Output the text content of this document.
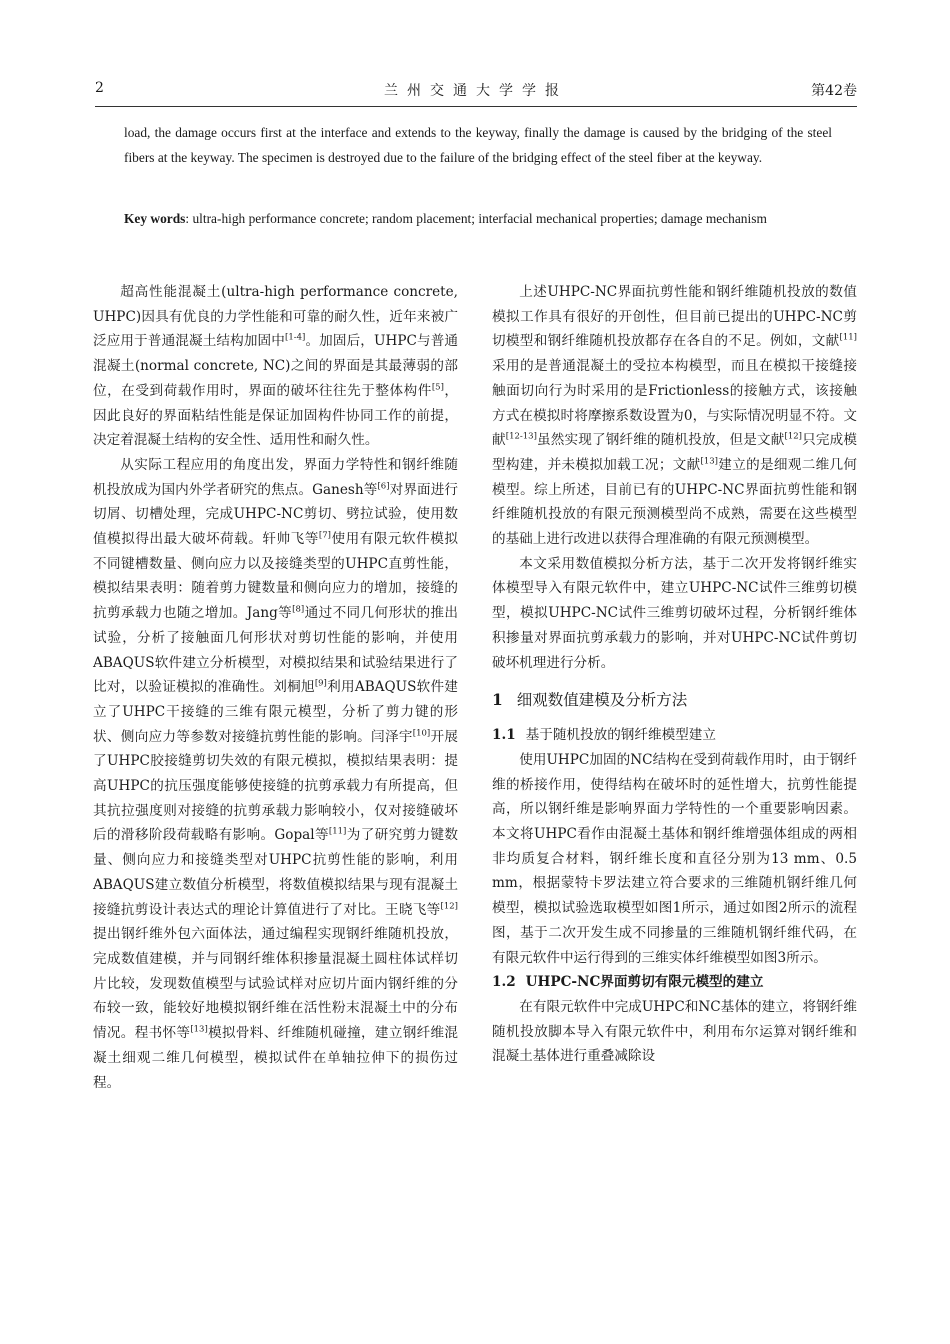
2	兰州交通大学学报	第42卷
load, the damage occurs first at the interface and extends to the keyway, finally the damage is caused by the bridging of the steel fibers at the keyway. The specimen is destroyed due to the failure of the bridging effect of the steel fiber at the keyway.
Key words: ultra-high performance concrete; random placement; interfacial mechanical properties; damage mechanism

超高性能混凝土(ultra-high performance concrete, UHPC)因具有优良的力学性能和可靠的耐久性，近年来被广泛应用于普通混凝土结构加固中[1-4]。加固后，UHPC与普通混凝土(normal concrete, NC)之间的界面是其最薄弱的部位，在受到荷载作用时，界面的破坏往往先于整体构件[5]，因此良好的界面粘结性能是保证加固构件协同工作的前提，决定着混凝土结构的安全性、适用性和耐久性。

从实际工程应用的角度出发，界面力学特性和钢纤维随机投放成为国内外学者研究的焦点。Ganesh等[6]对界面进行切屑、切槽处理，完成UHPC-NC剪切、劈拉试验，使用数值模拟得出最大破坏荷载。轩帅飞等[7]使用有限元软件模拟不同键槽数量、侧向应力以及接缝类型的UHPC直剪性能，模拟结果表明：随着剪力键数量和侧向应力的增加，接缝的抗剪承载力也随之增加。Jang等[8]通过不同几何形状的推出试验，分析了接触面几何形状对剪切性能的影响，并使用ABAQUS软件建立分析模型，对模拟结果和试验结果进行了比对，以验证模拟的准确性。刘桐旭[9]利用ABAQUS软件建立了UHPC干接缝的三维有限元模型，分析了剪力键的形状、侧向应力等参数对接缝抗剪性能的影响。闫泽宇[10]开展了UHPC胶接缝剪切失效的有限元模拟，模拟结果表明：提高UHPC的抗压强度能够使接缝的抗剪承载力有所提高，但其抗拉强度则对接缝的抗剪承载力影响较小，仅对接缝破坏后的滑移阶段荷载略有影响。Gopal等[11]为了研究剪力键数量、侧向应力和接缝类型对UHPC抗剪性能的影响，利用ABAQUS建立数值分析模型，将数值模拟结果与现有混凝土接缝抗剪设计表达式的理论计算值进行了对比。王晓飞等[12]提出钢纤维外包六面体法，通过编程实现钢纤维随机投放，完成数值建模，并与同钢纤维体积掺量混凝土圆柱体试样切片比较，发现数值模型与试验试样对应切片面内钢纤维的分布较一致，能较好地模拟钢纤维在活性粉末混凝土中的分布情况。程书怀等[13]模拟骨料、纤维随机碰撞，建立钢纤维混凝土细观二维几何模型，模拟试件在单轴拉伸下的损伤过程。

上述UHPC-NC界面抗剪性能和钢纤维随机投放的数值模拟工作具有很好的开创性，但目前已提出的UHPC-NC剪切模型和钢纤维随机投放都存在各自的不足。例如，文献[11]采用的是普通混凝土的受拉本构模型，而且在模拟干接缝接触面切向行为时采用的是Frictionless的接触方式，该接触方式在模拟时将摩擦系数设置为0，与实际情况明显不符。文献[12-13]虽然实现了钢纤维的随机投放，但是文献[12]只完成模型构建，并未模拟加载工况；文献[13]建立的是细观二维几何模型。综上所述，目前已有的UHPC-NC界面抗剪性能和钢纤维随机投放的有限元预测模型尚不成熟，需要在这些模型的基础上进行改进以获得合理准确的有限元预测模型。

本文采用数值模拟分析方法，基于二次开发将钢纤维实体模型导入有限元软件中，建立UHPC-NC试件三维剪切模型，模拟UHPC-NC试件三维剪切破坏过程，分析钢纤维体积掺量对界面抗剪承载力的影响，并对UHPC-NC试件剪切破坏机理进行分析。

1 细观数值建模及分析方法
1.1 基于随机投放的钢纤维模型建立

使用UHPC加固的NC结构在受到荷载作用时，由于钢纤维的桥接作用，使得结构在破坏时的延性增大，抗剪性能提高，所以钢纤维是影响界面力学特性的一个重要影响因素。本文将UHPC看作由混凝土基体和钢纤维增强体组成的两相非均质复合材料，钢纤维长度和直径分别为13 mm、0.5 mm，根据蒙特卡罗法建立符合要求的三维随机钢纤维几何模型，模拟试验选取模型如图1所示，通过如图2所示的流程图，基于二次开发生成不同掺量的三维随机钢纤维代码，在有限元软件中运行得到的三维实体纤维模型如图3所示。

1.2 UHPC-NC界面剪切有限元模型的建立

在有限元软件中完成UHPC和NC基体的建立，将钢纤维随机投放脚本导入有限元软件中，利用布尔运算对钢纤维和混凝土基体进行重叠减除设
